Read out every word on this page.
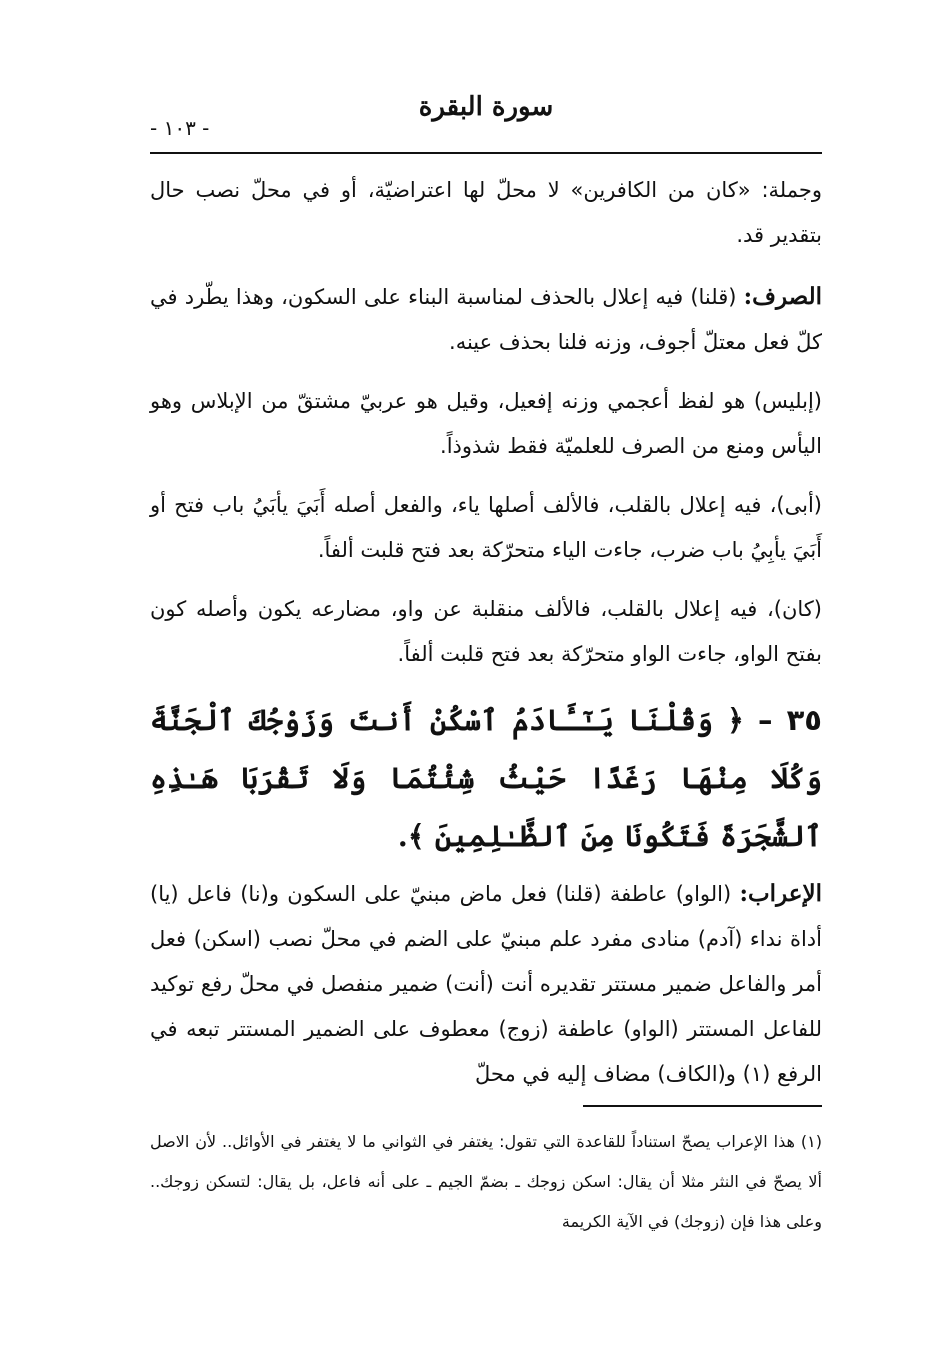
سورة البقرة
- ١٠٣ -

وجملة: «كان من الكافرين» لا محلّ لها اعتراضيّة، أو في محلّ نصب حال بتقدير قد.

الصرف: (قلنا) فيه إعلال بالحذف لمناسبة البناء على السكون، وهذا يطّرد في كلّ فعل معتلّ أجوف، وزنه فلنا بحذف عينه.

(إبليس) هو لفظ أعجمي وزنه إفعيل، وقيل هو عربيّ مشتقّ من الإبلاس وهو اليأس ومنع من الصرف للعلميّة فقط شذوذاً.

(أبى)، فيه إعلال بالقلب، فالألف أصلها ياء، والفعل أصله أَبَيَ يأبَيُ باب فتح أو أَبَيَ يأبِيُ باب ضرب، جاءت الياء متحرّكة بعد فتح قلبت ألفاً.

(كان)، فيه إعلال بالقلب، فالألف منقلبة عن واو، مضارعه يكون وأصله كون بفتح الواو، جاءت الواو متحرّكة بعد فتح قلبت ألفاً.

٣٥ – ﴿ وَقُلْنَا يَـٰٓـَٔادَمُ ٱسْكُنْ أَنتَ وَزَوْجُكَ ٱلْجَنَّةَ وَكُلَا مِنْهَا رَغَدًا حَيْثُ شِئْتُمَا وَلَا تَقْرَبَا هَـٰذِهِ ٱلشَّجَرَةَ فَتَكُونَا مِنَ ٱلظَّـٰلِمِينَ ﴾.

الإعراب: (الواو) عاطفة (قلنا) فعل ماض مبنيّ على السكون و(نا) فاعل (يا) أداة نداء (آدم) منادى مفرد علم مبنيّ على الضم في محلّ نصب (اسكن) فعل أمر والفاعل ضمير مستتر تقديره أنت (أنت) ضمير منفصل في محلّ رفع توكيد للفاعل المستتر (الواو) عاطفة (زوج) معطوف على الضمير المستتر تبعه في الرفع (١) و(الكاف) مضاف إليه في محلّ

(١) هذا الإعراب يصحّ استناداً للقاعدة التي تقول: يغتفر في الثواني ما لا يغتفر في الأوائل.. لأن الاصل ألا يصحّ في النثر مثلا أن يقال: اسكن زوجك ـ بضمّ الجيم ـ على أنه فاعل، بل يقال: لتسكن زوجك.. وعلى هذا فإن (زوجك) في الآية الكريمة
